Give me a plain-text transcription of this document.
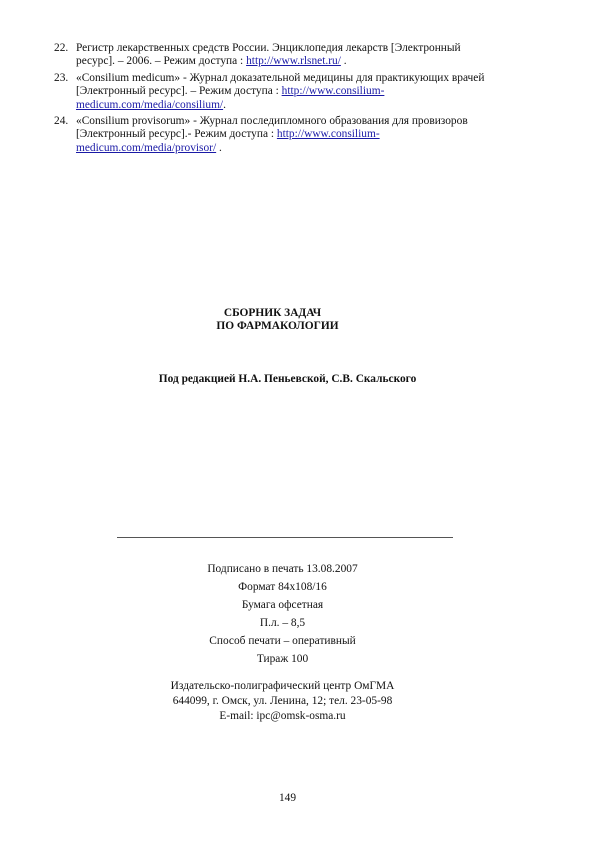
22. Регистр лекарственных средств России. Энциклопедия лекарств [Электронный
ресурс]. – 2006. – Режим доступа : http://www.rlsnet.ru/ .
23. «Consilium medicum» - Журнал доказательной медицины для практикующих врачей
[Электронный ресурс]. – Режим доступа : http://www.consilium-
medicum.com/media/consilium/.
24. «Consilium provisorum» - Журнал последипломного образования для провизоров
[Электронный ресурс].- Режим доступа : http://www.consilium-
medicum.com/media/provisor/ .
СБОРНИК ЗАДАЧ
ПО ФАРМАКОЛОГИИ
Под редакцией Н.А. Пеньевской, С.В. Скальского
Подписано в печать 13.08.2007
Формат 84х108/16
Бумага офсетная
П.л. – 8,5
Способ печати – оперативный
Тираж 100
Издательско-полиграфический центр ОмГМА
644099, г. Омск, ул. Ленина, 12; тел. 23-05-98
E-mail: ipc@omsk-osma.ru
149
